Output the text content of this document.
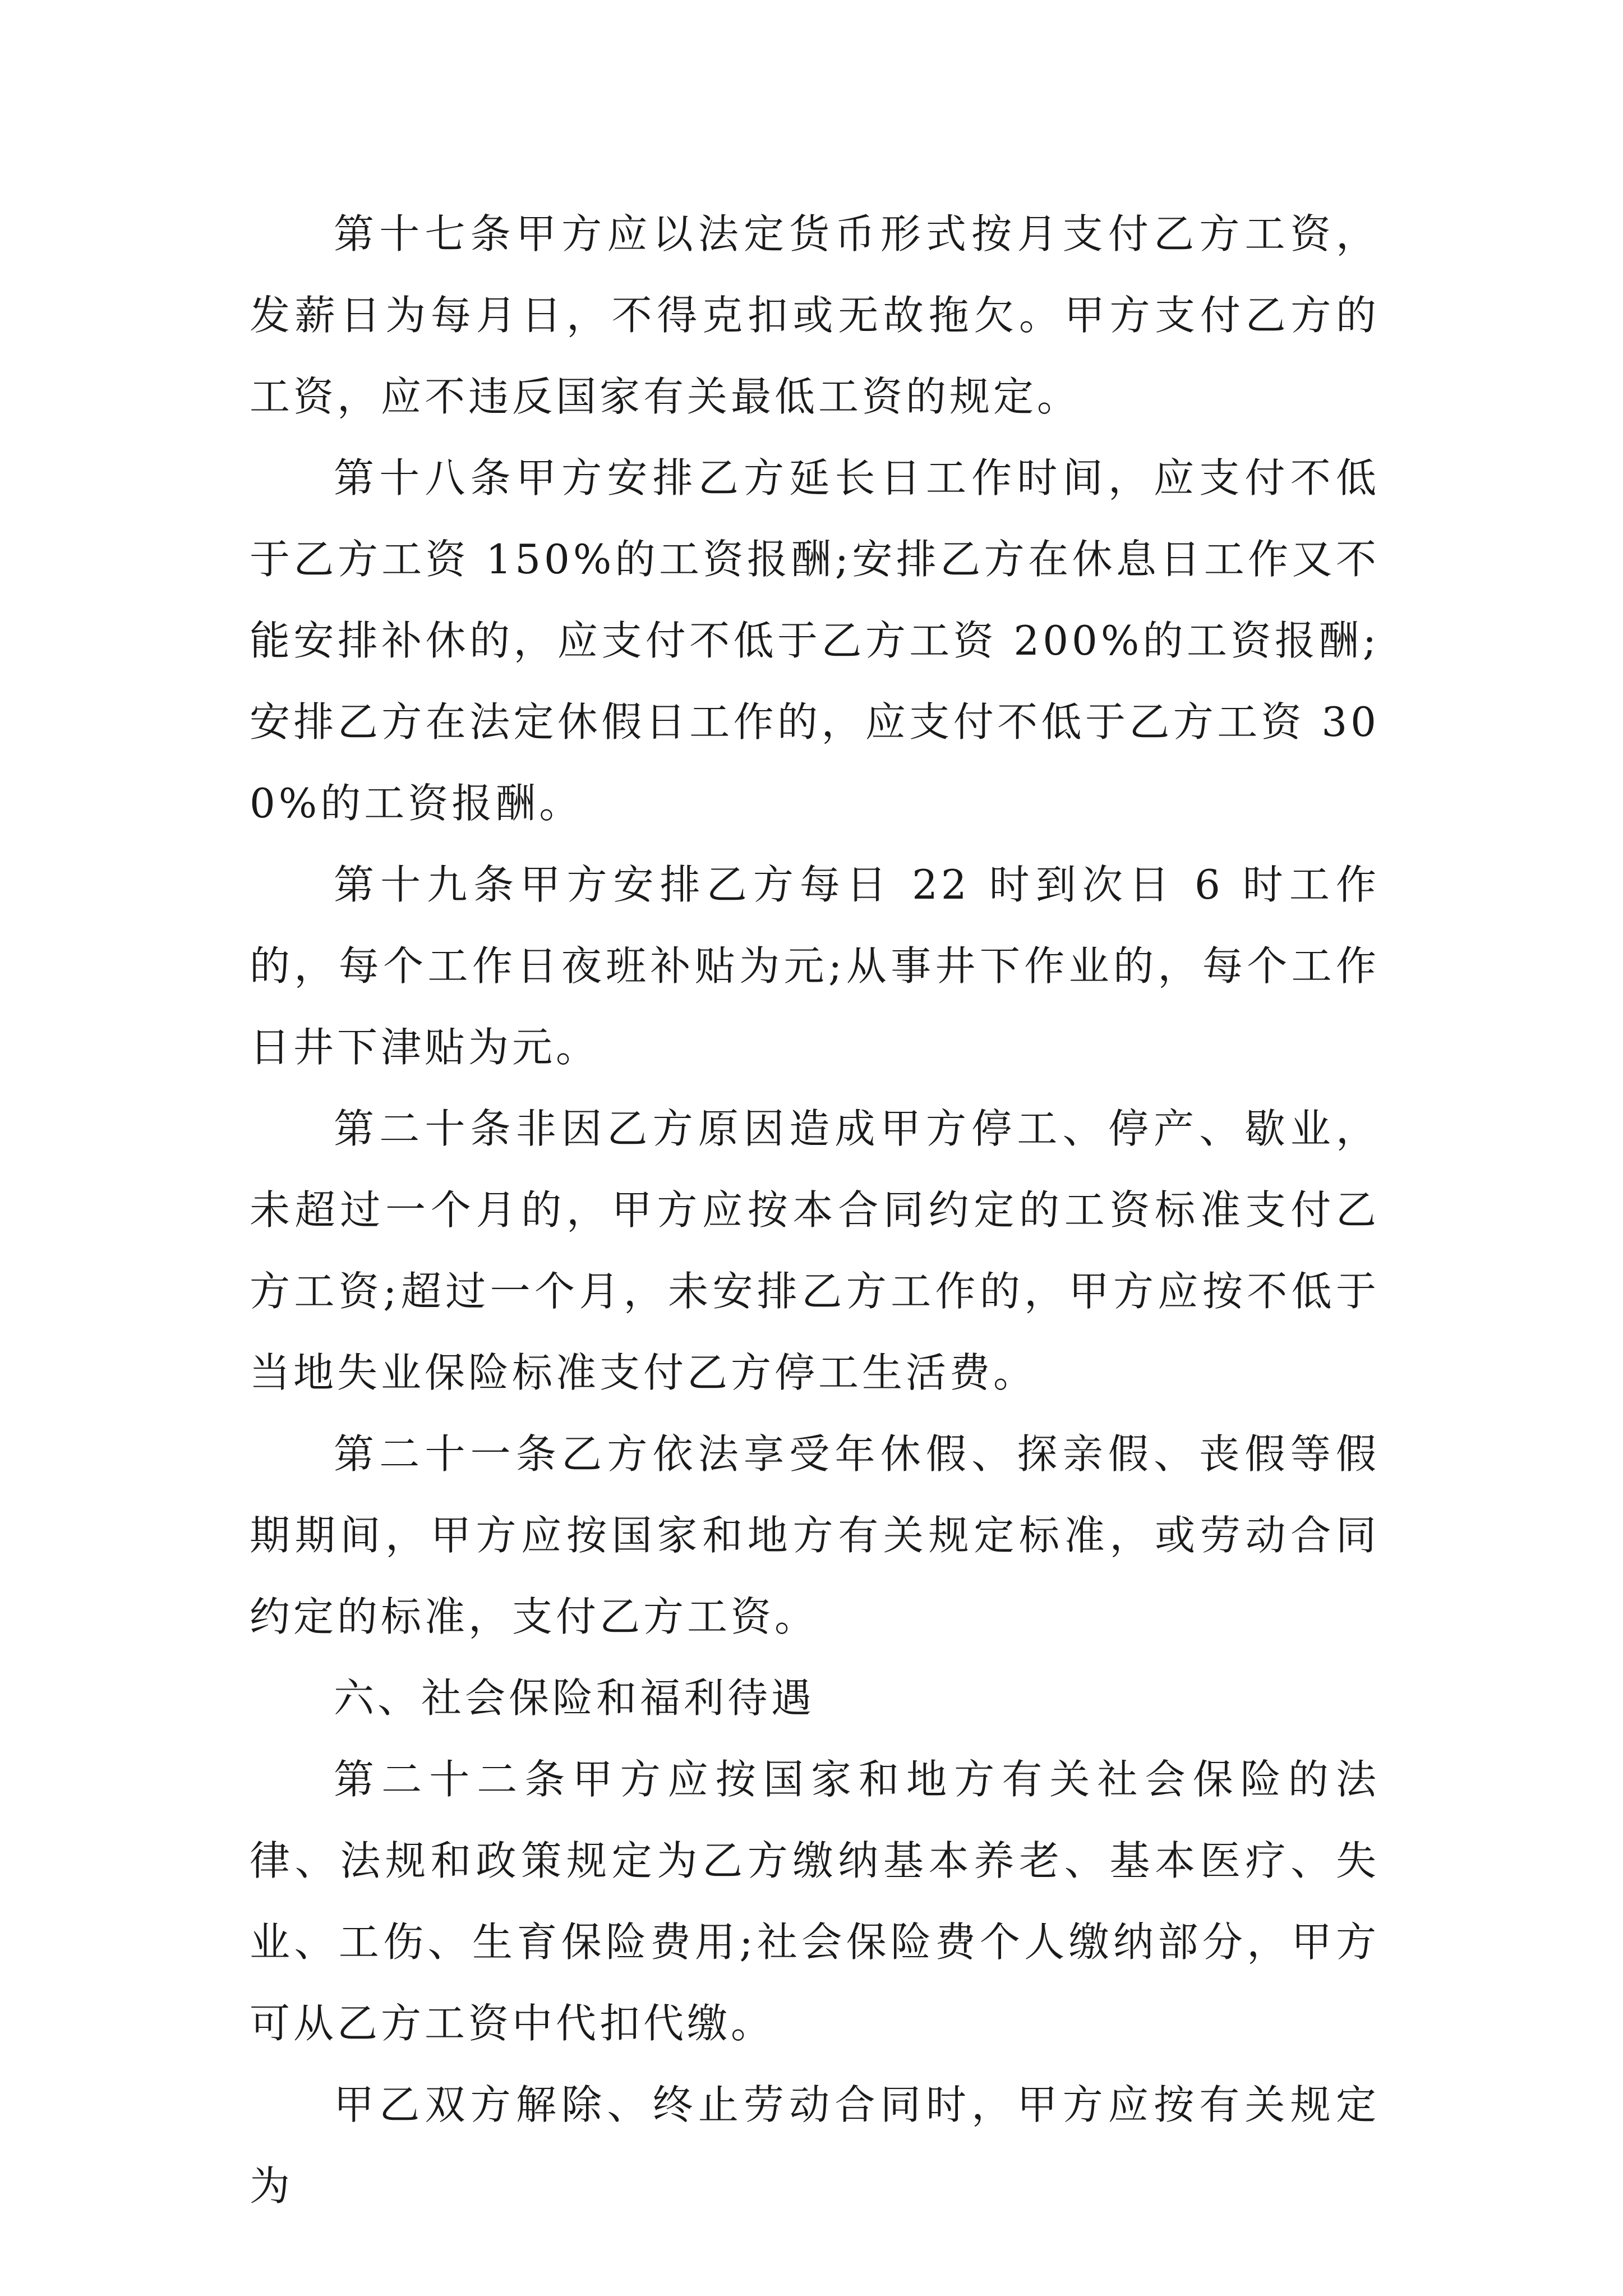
第十七条甲方应以法定货币形式按月支付乙方工资，发薪日为每月日，不得克扣或无故拖欠。甲方支付乙方的工资，应不违反国家有关最低工资的规定。

第十八条甲方安排乙方延长日工作时间，应支付不低于乙方工资 150%的工资报酬;安排乙方在休息日工作又不能安排补休的，应支付不低于乙方工资 200%的工资报酬;安排乙方在法定休假日工作的，应支付不低于乙方工资 300%的工资报酬。

第十九条甲方安排乙方每日 22 时到次日 6 时工作的，每个工作日夜班补贴为元;从事井下作业的，每个工作日井下津贴为元。

第二十条非因乙方原因造成甲方停工、停产、歇业，未超过一个月的，甲方应按本合同约定的工资标准支付乙方工资;超过一个月，未安排乙方工作的，甲方应按不低于当地失业保险标准支付乙方停工生活费。

第二十一条乙方依法享受年休假、探亲假、丧假等假期期间，甲方应按国家和地方有关规定标准，或劳动合同约定的标准，支付乙方工资。

六、社会保险和福利待遇

第二十二条甲方应按国家和地方有关社会保险的法律、法规和政策规定为乙方缴纳基本养老、基本医疗、失业、工伤、生育保险费用;社会保险费个人缴纳部分，甲方可从乙方工资中代扣代缴。

甲乙双方解除、终止劳动合同时，甲方应按有关规定为
